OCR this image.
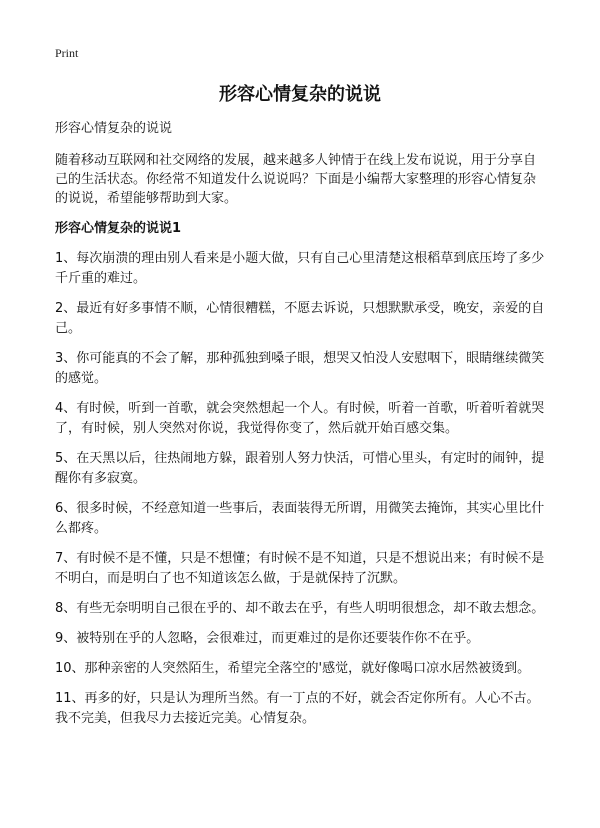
Print
形容心情复杂的说说

形容心情复杂的说说

随着移动互联网和社交网络的发展，越来越多人钟情于在线上发布说说，用于分享自己的生活状态。你经常不知道发什么说说吗？下面是小编帮大家整理的形容心情复杂的说说，希望能够帮助到大家。

形容心情复杂的说说1

1、每次崩溃的理由别人看来是小题大做，只有自己心里清楚这根稻草到底压垮了多少千斤重的难过。

2、最近有好多事情不顺，心情很糟糕，不愿去诉说，只想默默承受，晚安，亲爱的自己。

3、你可能真的不会了解，那种孤独到嗓子眼，想哭又怕没人安慰咽下，眼睛继续微笑的感觉。

4、有时候，听到一首歌，就会突然想起一个人。有时候，听着一首歌，听着听着就哭了，有时候，别人突然对你说，我觉得你变了，然后就开始百感交集。

5、在天黑以后，往热闹地方躲，跟着别人努力快活，可惜心里头，有定时的闹钟，提醒你有多寂寞。

6、很多时候，不经意知道一些事后，表面装得无所谓，用微笑去掩饰，其实心里比什么都疼。

7、有时候不是不懂，只是不想懂；有时候不是不知道，只是不想说出来；有时候不是不明白，而是明白了也不知道该怎么做，于是就保持了沉默。

8、有些无奈明明自己很在乎的、却不敢去在乎，有些人明明很想念，却不敢去想念。

9、被特别在乎的人忽略，会很难过，而更难过的是你还要装作你不在乎。

10、那种亲密的人突然陌生，希望完全落空的'感觉，就好像喝口凉水居然被烫到。

11、再多的好，只是认为理所当然。有一丁点的不好，就会否定你所有。人心不古。我不完美，但我尽力去接近完美。心情复杂。
